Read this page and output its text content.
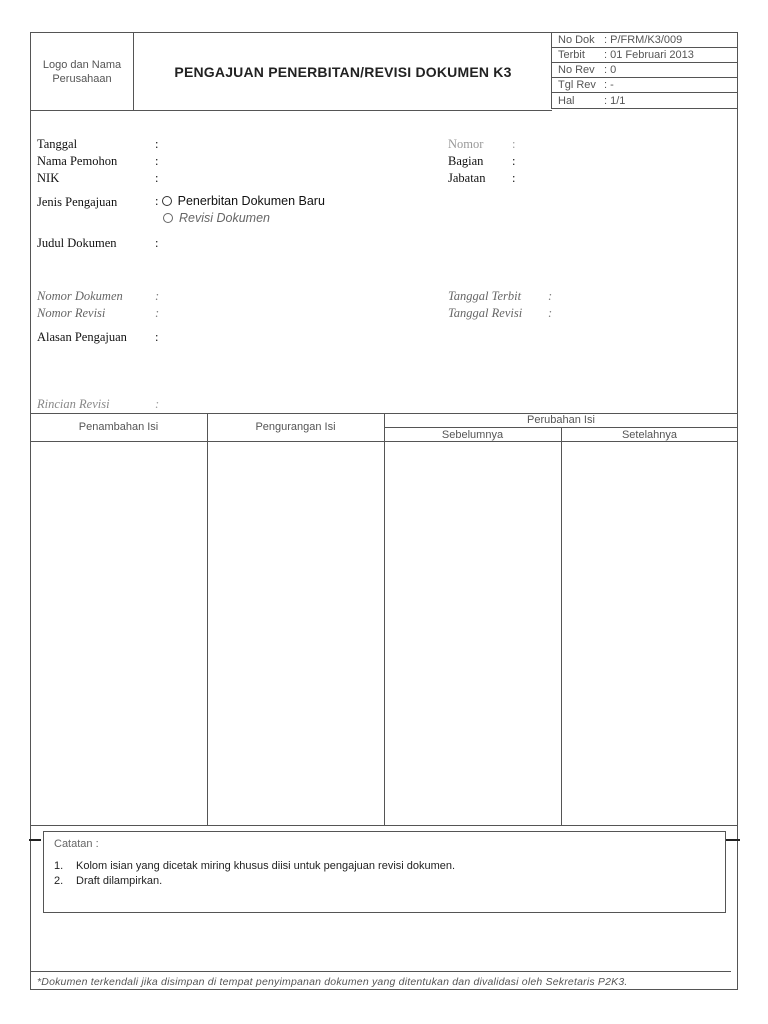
Logo dan Nama
Perusahaan	PENGAJUAN PENERBITAN/REVISI DOKUMEN K3
No Dok : P/FRM/K3/009
Terbit	: 01 Februari 2013
No Rev : 0
Tgl Rev : -
Hal	: 1/1
Tanggal	:
Nama Pemohon	:
NIK	:
Nomor :
Bagian :
Jabatan :
Jenis Pengajuan	: Penerbitan Dokumen Baru
Revisi Dokumen
Judul Dokumen	:
Nomor Dokumen	:
Nomor Revisi	:
Tanggal Terbit :
Tanggal Revisi :
Alasan Pengajuan :
Rincian Revisi	:
Penambahan Isi	Pengurangan Isi
Perubahan Isi
Sebelumnya	Setelahnya
Catatan :
1. Kolom isian yang dicetak miring khusus diisi untuk pengajuan revisi dokumen.
2. Draft dilampirkan.
*Dokumen terkendali jika disimpan di tempat penyimpanan dokumen yang ditentukan dan divalidasi oleh Sekretaris P2K3.
